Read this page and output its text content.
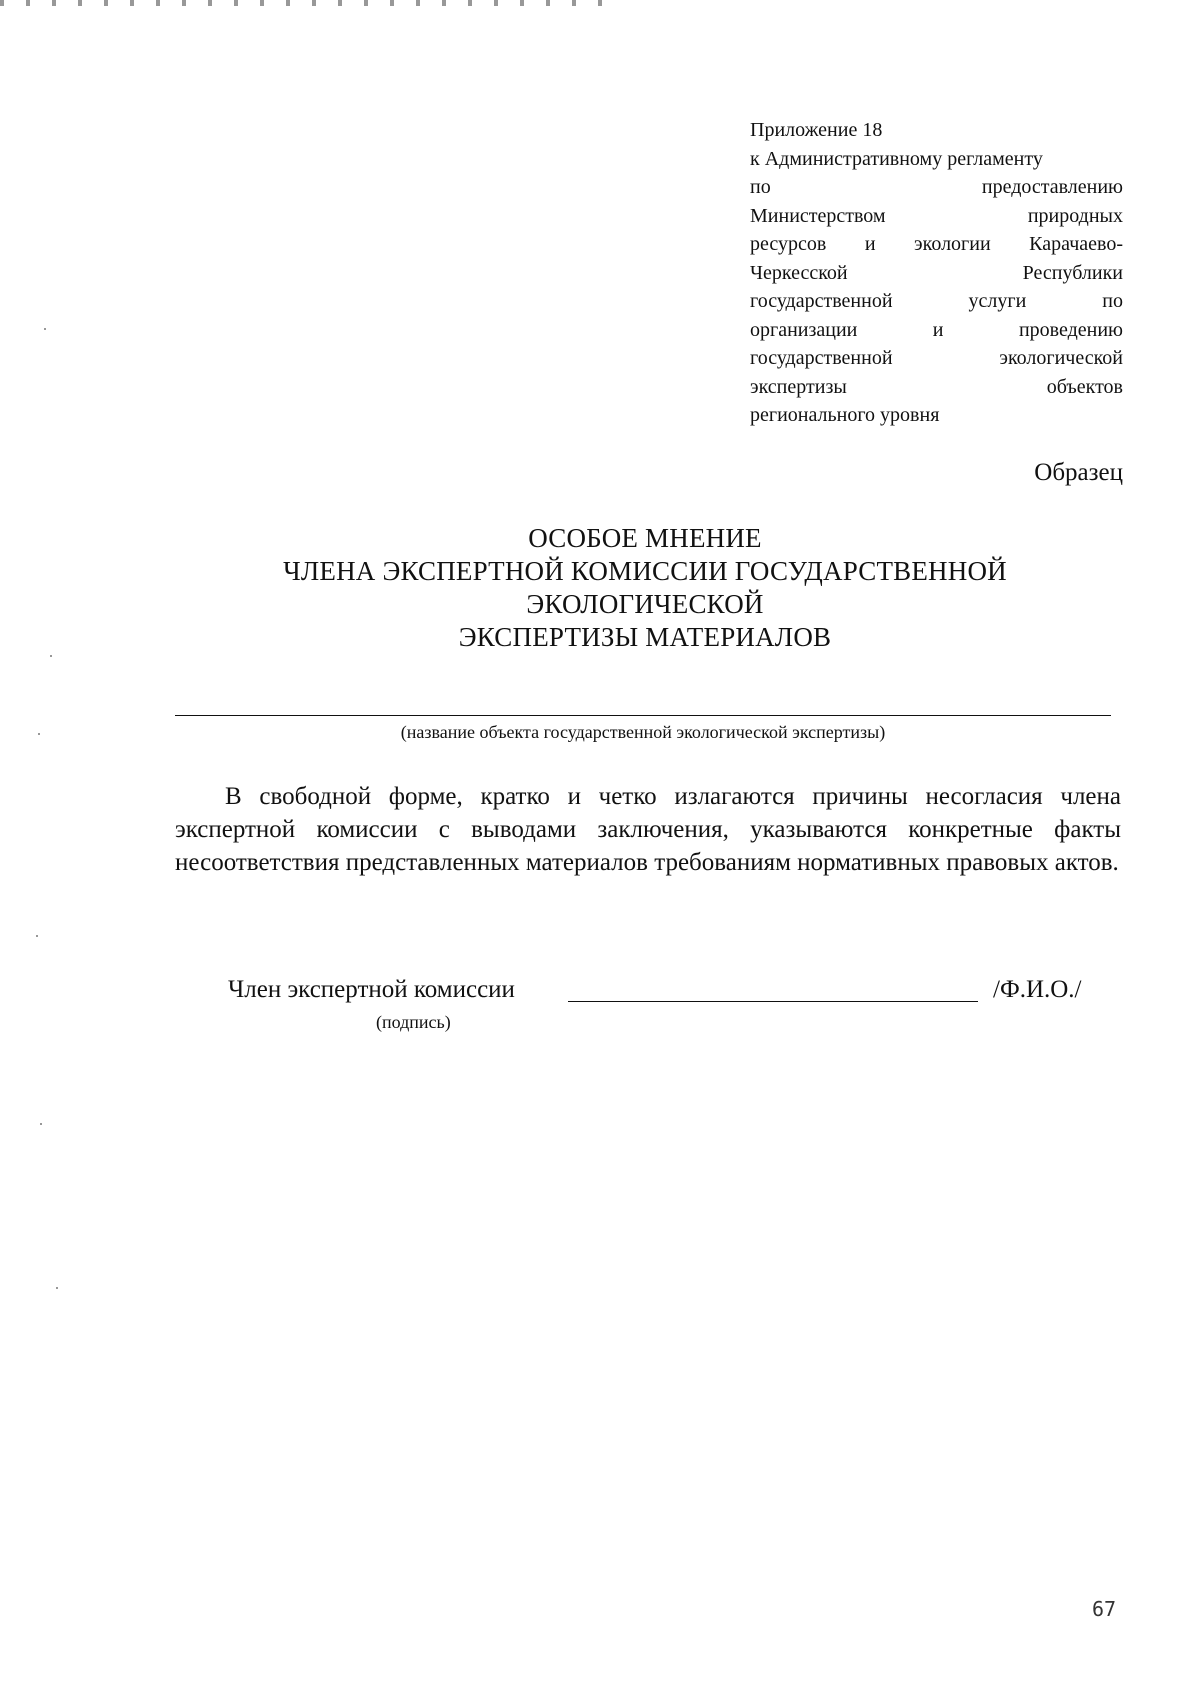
Приложение 18
к Административному регламенту
по предоставлению
Министерством природных
ресурсов и экологии Карачаево-
Черкесской Республики
государственной услуги по
организации и проведению
государственной экологической
экспертизы объектов
регионального уровня
Образец
ОСОБОЕ МНЕНИЕ
ЧЛЕНА ЭКСПЕРТНОЙ КОМИССИИ ГОСУДАРСТВЕННОЙ
ЭКОЛОГИЧЕСКОЙ
ЭКСПЕРТИЗЫ МАТЕРИАЛОВ
(название объекта государственной экологической экспертизы)
В свободной форме, кратко и четко излагаются причины несогласия члена экспертной комиссии с выводами заключения, указываются конкретные факты несоответствия представленных материалов требованиям нормативных правовых актов.
Член экспертной комиссии	/Ф.И.О./
(подпись)
67
